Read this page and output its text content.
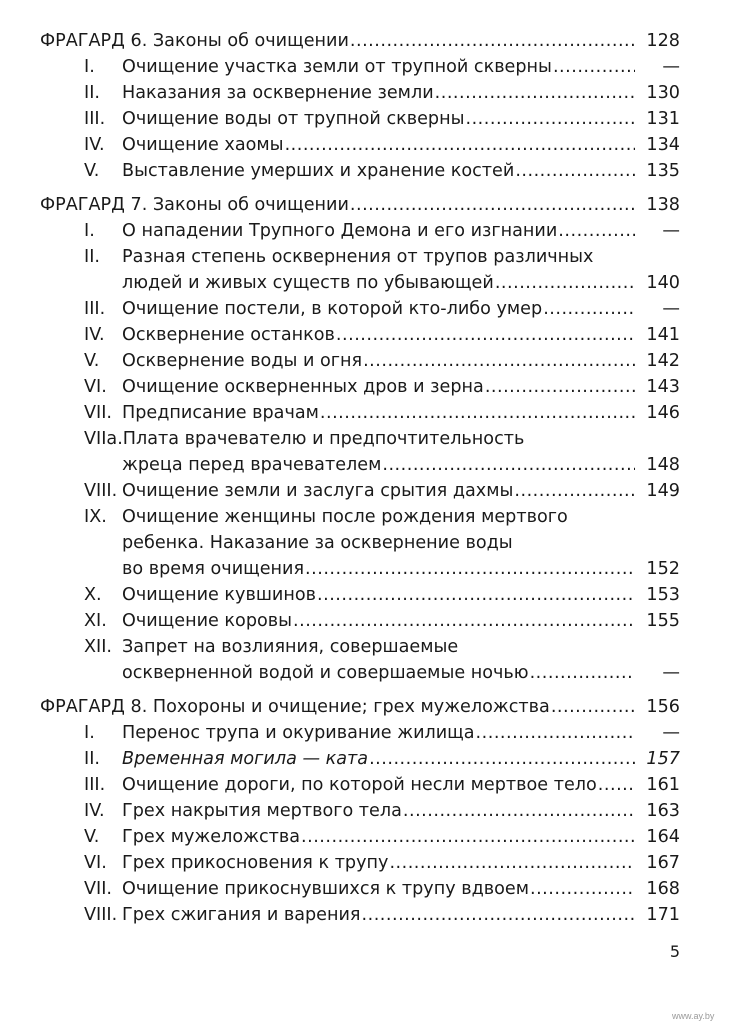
ФРАГАРД 6. Законы об очищении .....	128
I.	Очищение участка земли от трупной скверны .....	—
II.	Наказания за осквернение земли .....	130
III. Очищение воды от трупной скверны .....	131
IV. Очищение хаомы .....	134
V.	Выставление умерших и хранение костей .....	135
ФРАГАРД 7. Законы об очищении .....	138
I.	О нападении Трупного Демона и его изгнании .....	—
II.	Разная степень осквернения от трупов различных
людей и живых существ по убывающей .....	140
III. Очищение постели, в которой кто-либо умер .....	—
IV. Осквернение останков .....	141
V.	Осквернение воды и огня .....	142
VI. Очищение оскверненных дров и зерна .....	143
VII. Предписание врачам .....	146
VIIa. Плата врачевателю и предпочтительность
жреца перед врачевателем .....	148
VIII. Очищение земли и заслуга срытия дахмы .....	149
IX. Очищение женщины после рождения мертвого
ребенка. Наказание за осквернение воды
во время очищения .....	152
X.	Очищение кувшинов .....	153
XI. Очищение коровы .....	155
XII. Запрет на возлияния, совершаемые
оскверненной водой и совершаемые ночью .....	—
ФРАГАРД 8. Похороны и очищение; грех мужеложства .....	156
I.	Перенос трупа и окуривание жилища .....	—
II.	Временная могила — ката .....	157
III. Очищение дороги, по которой несли мертвое тело .....	161
IV. Грех накрытия мертвого тела .....	163
V.	Грех мужеложства .....	164
VI. Грех прикосновения к трупу .....	167
VII. Очищение прикоснувшихся к трупу вдвоем .....	168
VIII. Грех сжигания и варения .....	171
5
www.ay.by
